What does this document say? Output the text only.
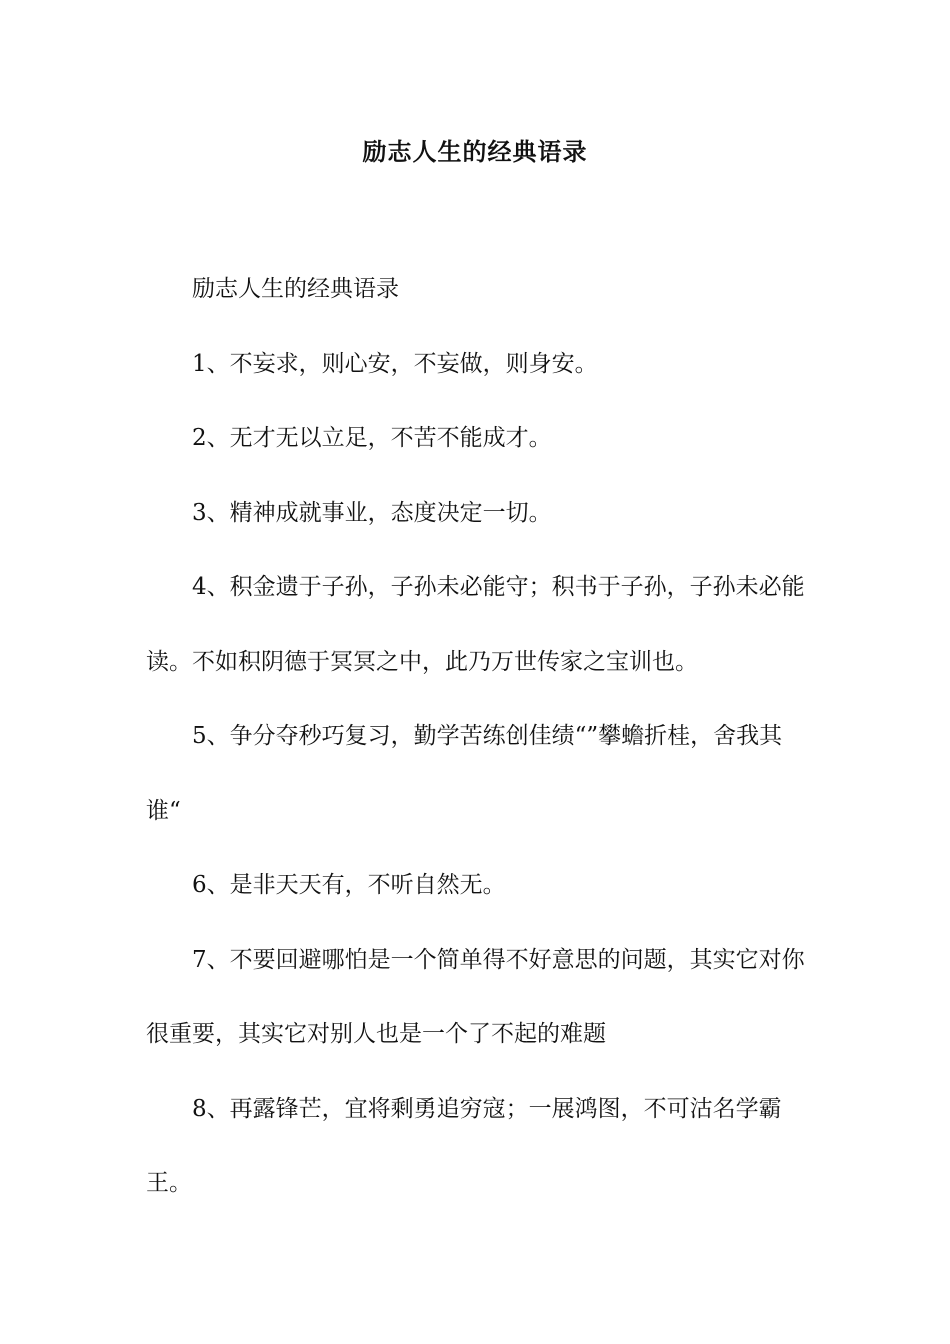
励志人生的经典语录

励志人生的经典语录

1、不妄求，则心安，不妄做，则身安。

2、无才无以立足，不苦不能成才。

3、精神成就事业，态度决定一切。

4、积金遗于子孙，子孙未必能守；积书于子孙，子孙未必能读。不如积阴德于冥冥之中，此乃万世传家之宝训也。

5、争分夺秒巧复习，勤学苦练创佳绩“”攀蟾折桂，舍我其谁“

6、是非天天有，不听自然无。

7、不要回避哪怕是一个简单得不好意思的问题，其实它对你很重要，其实它对别人也是一个了不起的难题

8、再露锋芒，宜将剩勇追穷寇；一展鸿图，不可沽名学霸王。
